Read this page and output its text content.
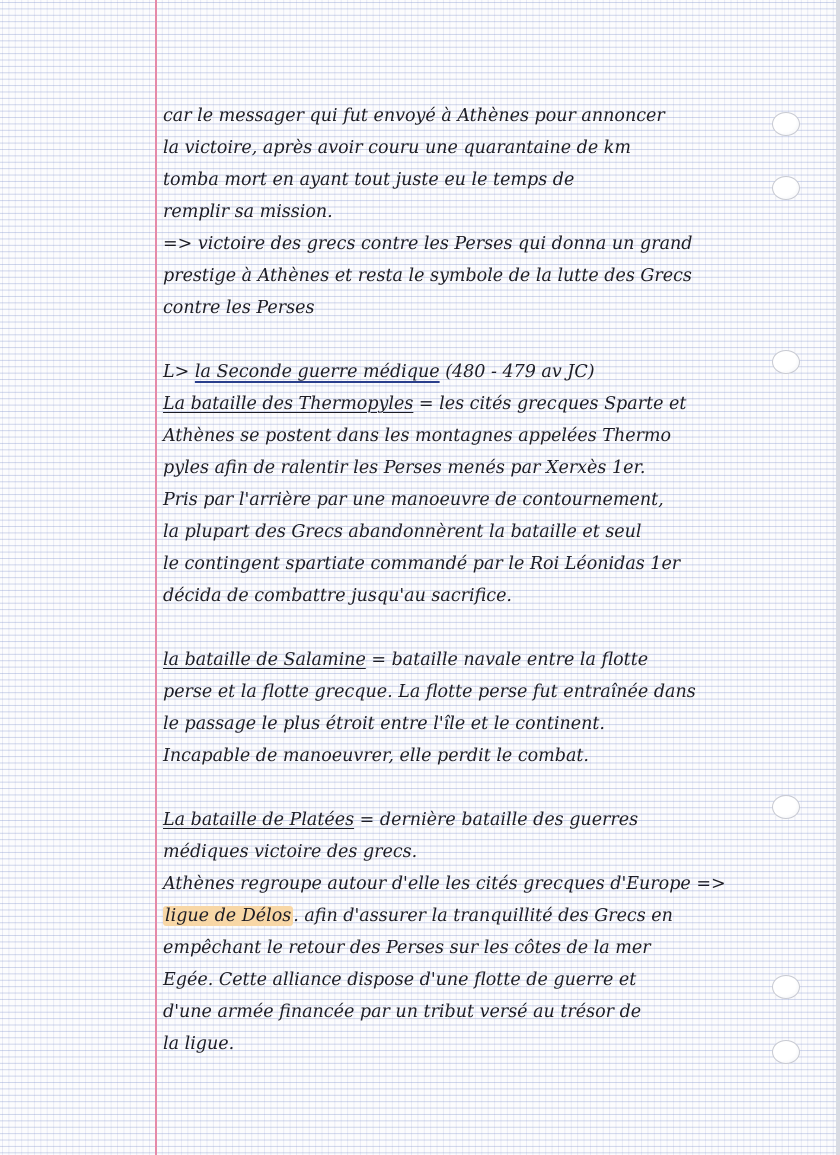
car le messager qui fut envoyé à Athènes pour annoncer
la victoire, après avoir couru une quarantaine de km
tomba mort en ayant tout juste eu le temps de
remplir sa mission.
=> victoire des grecs contre les Perses qui donna un grand
prestige à Athènes et resta le symbole de la lutte des Grecs
contre les Perses
L> la Seconde guerre médique (480 - 479 av JC)
La bataille des Thermopyles = les cités grecques Sparte et
Athènes se postent dans les montagnes appelées Thermo
pyles afin de ralentir les Perses menés par Xerxès 1er.
Pris par l'arrière par une manoeuvre de contournement,
la plupart des Grecs abandonnèrent la bataille et seul
le contingent spartiate commandé par le Roi Léonidas 1er
décida de combattre jusqu'au sacrifice.
la bataille de Salamine = bataille navale entre la flotte
perse et la flotte grecque. La flotte perse fut entraînée dans
le passage le plus étroit entre l'île et le continent.
Incapable de manoeuvrer, elle perdit le combat.
La bataille de Platées = dernière bataille des guerres
médiques victoire des grecs.
Athènes regroupe autour d'elle les cités grecques d'Europe =>
ligue de Délos . afin d'assurer la tranquillité des Grecs en
empêchant le retour des Perses sur les côtes de la mer
Egée. Cette alliance dispose d'une flotte de guerre et
d'une armée financée par un tribut versé au trésor de
la ligue.
